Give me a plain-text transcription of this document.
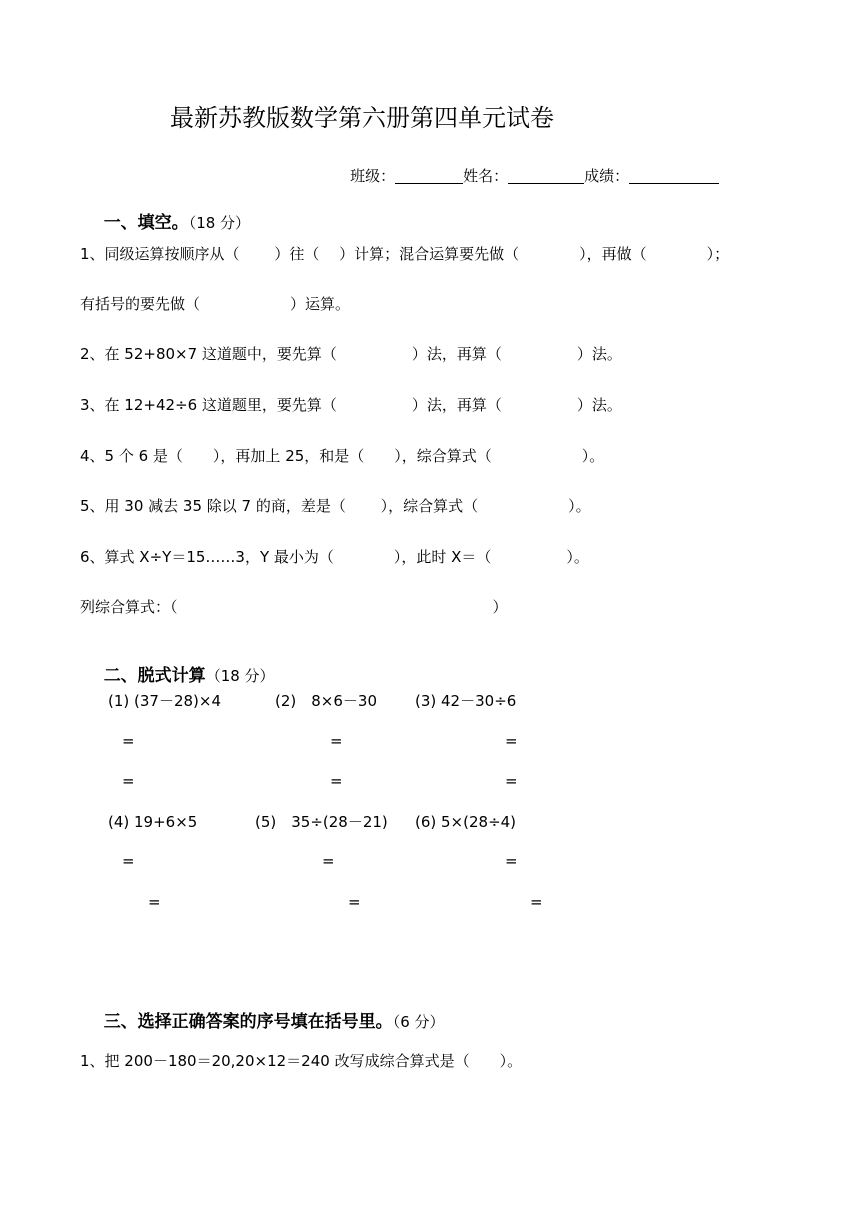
最新苏教版数学第六册第四单元试卷

班级：	姓名：	成绩：

一、填空。（18 分）

1、同级运算按顺序从（　　 ）往（　 ）计算；混合运算要先做（　　　　），再做（　　　　）；
有括号的要先做（　　　　　　）运算。
2、在 52+80×7 这道题中，要先算（　　　　　）法，再算（　　　　　）法。
3、在 12+42÷6 这道题里，要先算（　　　　　）法，再算（　　　　　）法。
4、5 个 6 是（　　），再加上 25，和是（　　），综合算式（　　　　　　）。
5、用 30 减去 35 除以 7 的商，差是（　　 ），综合算式（　　　　　　）。
6、算式 X÷Y＝15……3，Y 最小为（　　　　），此时 X＝（　　　　　）。
列综合算式：（　　　　　　　　　　　　　　　　　　　　　）

二、脱式计算（18 分）

(1) (37－28)×4	(2)　8×6－30	(3) 42－30÷6
=	=	=
=	=	=
(4) 19+6×5	(5)　35÷(28－21) (6) 5×(28÷4)
=	=	=
=	=	=

三、选择正确答案的序号填在括号里。（6 分）

1、把 200－180＝20,20×12＝240 改写成综合算式是（　　）。
